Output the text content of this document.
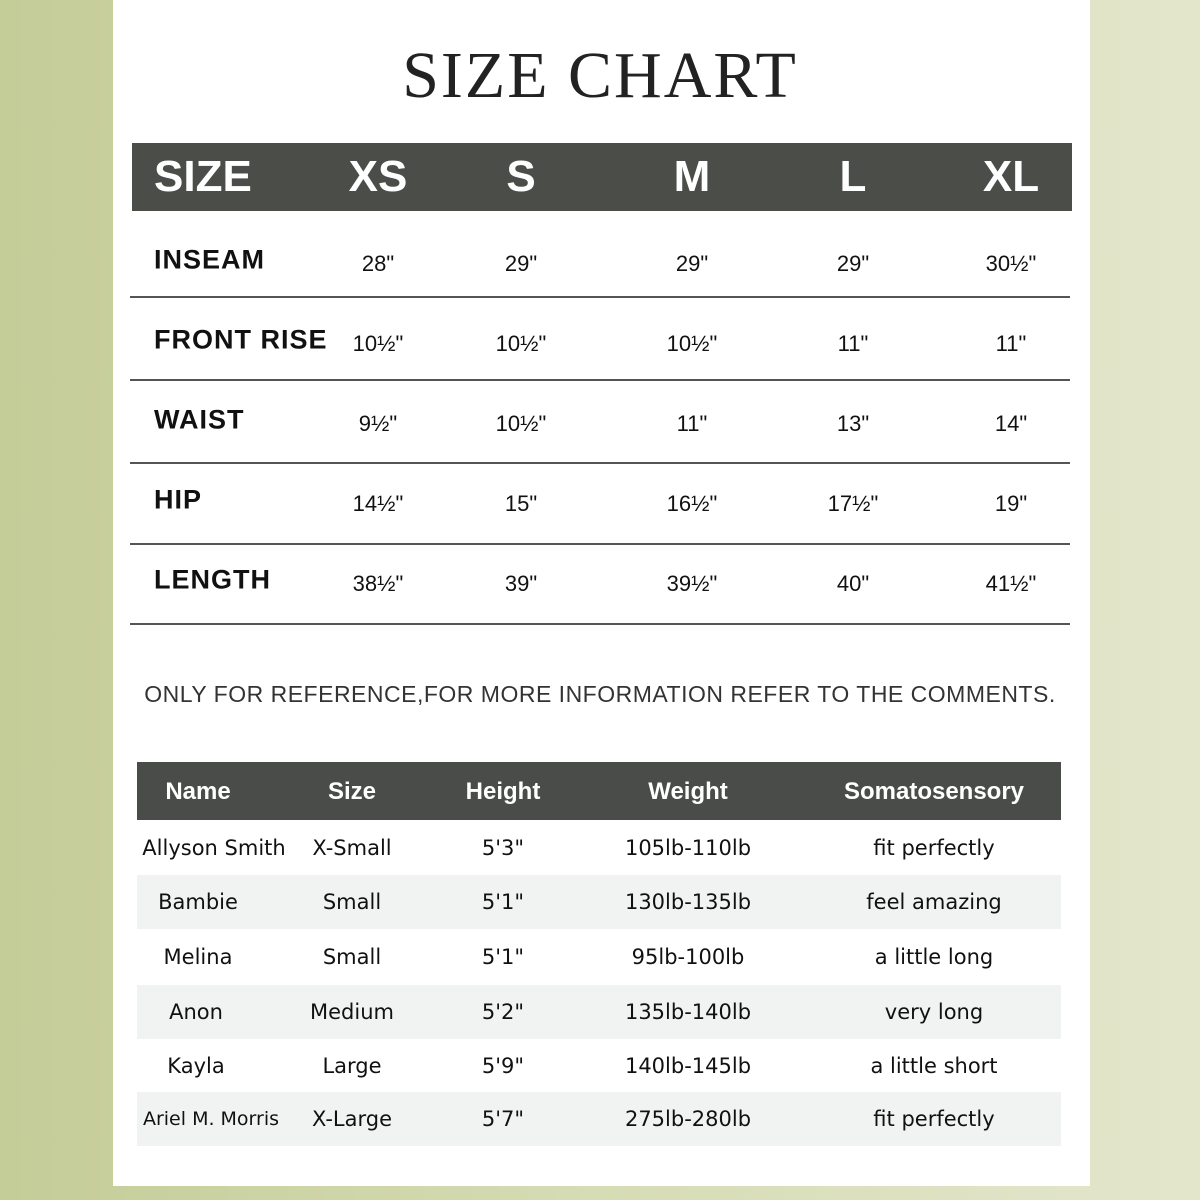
SIZE CHART
SIZE XS S	M	L	XL
INSEAM	28"	29"	29"	29"	30½"
FRONT RISE 10½"	10½"	10½"	11"	11"
WAIST	9½"	10½"	11"	13"	14"
HIP	14½"	15"	16½"	17½"	19"
LENGTH	38½"	39"	39½"	40"	41½"
ONLY FOR REFERENCE,FOR MORE INFORMATION REFER TO THE COMMENTS.
Name	Size	Height	Weight	Somatosensory
Allyson Smith X-Small	5'3"	105lb-110lb	fit perfectly
Bambie	Small	5'1"	130lb-135lb	feel amazing
Melina	Small	5'1"	95lb-100lb	a little long
Anon	Medium	5'2"	135lb-140lb	very long
Kayla	Large	5'9"	140lb-145lb	a little short
Ariel M. Morris X-Large	5'7"	275lb-280lb	fit perfectly
